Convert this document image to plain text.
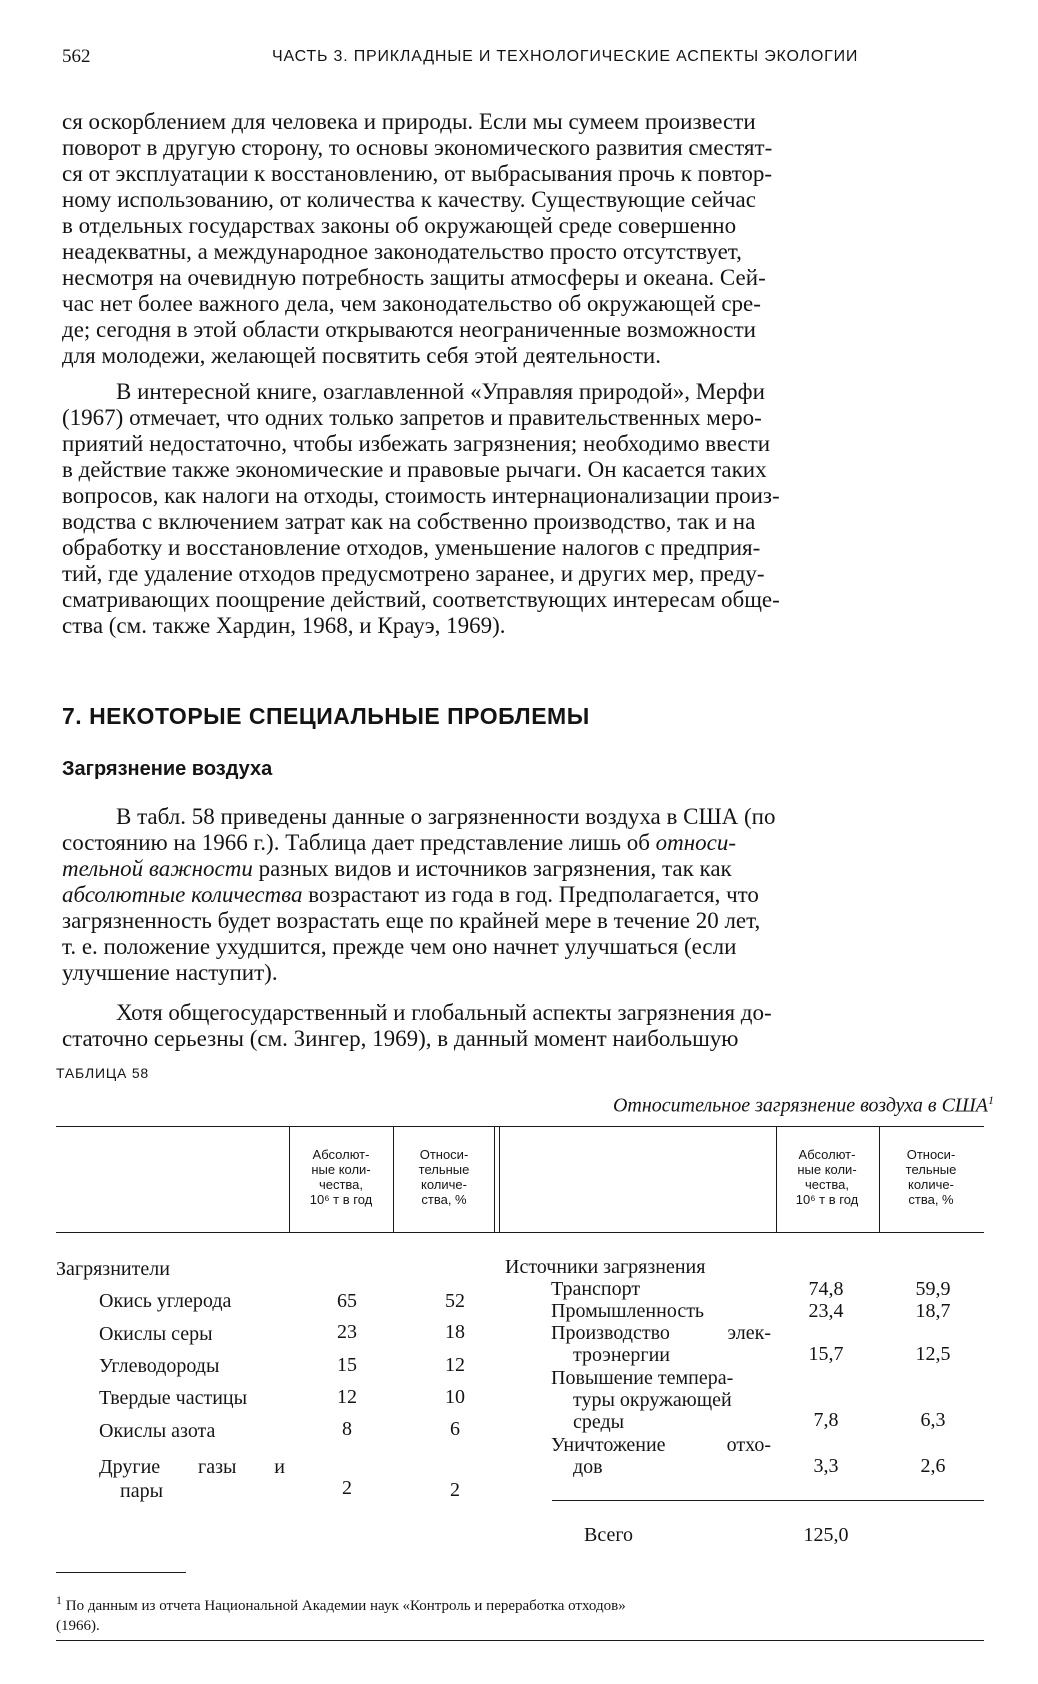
562	ЧАСТЬ 3. ПРИКЛАДНЫЕ И ТЕХНОЛОГИЧЕСКИЕ АСПЕКТЫ ЭКОЛОГИИ

ся оскорблением для человека и природы. Если мы сумеем произвести

поворот в другую сторону, то основы экономического развития сместят-

ся от эксплуатации к восстановлению, от выбрасывания прочь к повтор-

ному использованию, от количества к качеству. Существующие сейчас

в отдельных государствах законы об окружающей среде совершенно

неадекватны, а международное законодательство просто отсутствует,

несмотря на очевидную потребность защиты атмосферы и океана. Сей-

час нет более важного дела, чем законодательство об окружающей сре-

де; сегодня в этой области открываются неограниченные возможности

для молодежи, желающей посвятить себя этой деятельности.

В интересной книге, озаглавленной «Управляя природой», Мерфи

(1967) отмечает, что одних только запретов и правительственных меро-

приятий недостаточно, чтобы избежать загрязнения; необходимо ввести

в действие также экономические и правовые рычаги. Он касается таких

вопросов, как налоги на отходы, стоимость интернационализации произ-

водства с включением затрат как на собственно производство, так и на

обработку и восстановление отходов, уменьшение налогов с предприя-

тий, где удаление отходов предусмотрено заранее, и других мер, преду-

сматривающих поощрение действий, соответствующих интересам обще-

ства (см. также Хардин, 1968, и Крауэ, 1969).

7. НЕКОТОРЫЕ СПЕЦИАЛЬНЫЕ ПРОБЛЕМЫ
Загрязнение воздуха

В табл. 58 приведены данные о загрязненности воздуха в США (по

состоянию на 1966 г.). Таблица дает представление лишь об относи-

тельной важности разных видов и источников загрязнения, так как

абсолютные количества возрастают из года в год. Предполагается, что

загрязненность будет возрастать еще по крайней мере в течение 20 лет,

т. е. положение ухудшится, прежде чем оно начнет улучшаться (если

улучшение наступит).

Хотя общегосударственный и глобальный аспекты загрязнения до-

статочно серьезны (см. Зингер, 1969), в данный момент наибольшую

ТАБЛИЦА 58
Относительное загрязнение воздуха в США$^1$
Абсолют-
ные коли-
чества,
10⁶ т в год
Относи-
тельные
количе-
ства, %
Абсолют-
ные коли-
чества,
10⁶ т в год
Относи-
тельные
количе-
ства, %
Загрязнители
Окись углерода	65	52
Окислы серы	23	18
Углеводороды	15	12
Твердые частицы	12	10
Окислы азота	8	6
Другие газы и
пары	2	2
Источники загрязнения
Транспорт	74,8	59,9
Промышленность	23,4	18,7
Производство элек-
троэнергии	15,7	12,5
Повышение темпера-
туры окружающей
среды	7,8	6,3
Уничтожение отхо-
дов	3,3	2,6
Всего	125,0
$^1$ По данным из отчета Национальной Академии наук «Контроль и переработка отходов»
(1966).
